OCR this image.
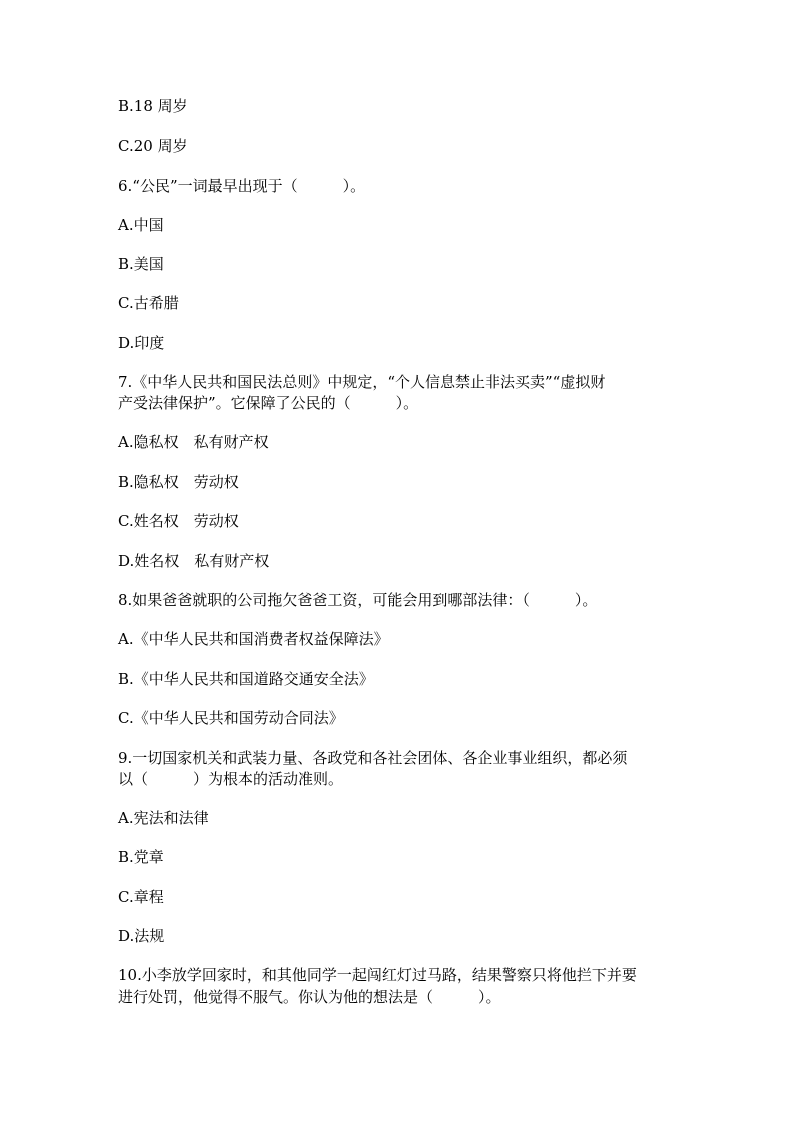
B.18 周岁
C.20 周岁
6.“公民”一词最早出现于（　　　）。
A.中国
B.美国
C.古希腊
D.印度
7.《中华人民共和国民法总则》中规定，“个人信息禁止非法买卖”“虚拟财
产受法律保护”。它保障了公民的（　　　）。
A.隐私权　私有财产权
B.隐私权　劳动权
C.姓名权　劳动权
D.姓名权　私有财产权
8.如果爸爸就职的公司拖欠爸爸工资，可能会用到哪部法律：（　　　）。
A.《中华人民共和国消费者权益保障法》
B.《中华人民共和国道路交通安全法》
C.《中华人民共和国劳动合同法》
9.一切国家机关和武装力量、各政党和各社会团体、各企业事业组织，都必须
以（　　　）为根本的活动准则。
A.宪法和法律
B.党章
C.章程
D.法规
10.小李放学回家时，和其他同学一起闯红灯过马路，结果警察只将他拦下并要
进行处罚，他觉得不服气。你认为他的想法是（　　　）。
